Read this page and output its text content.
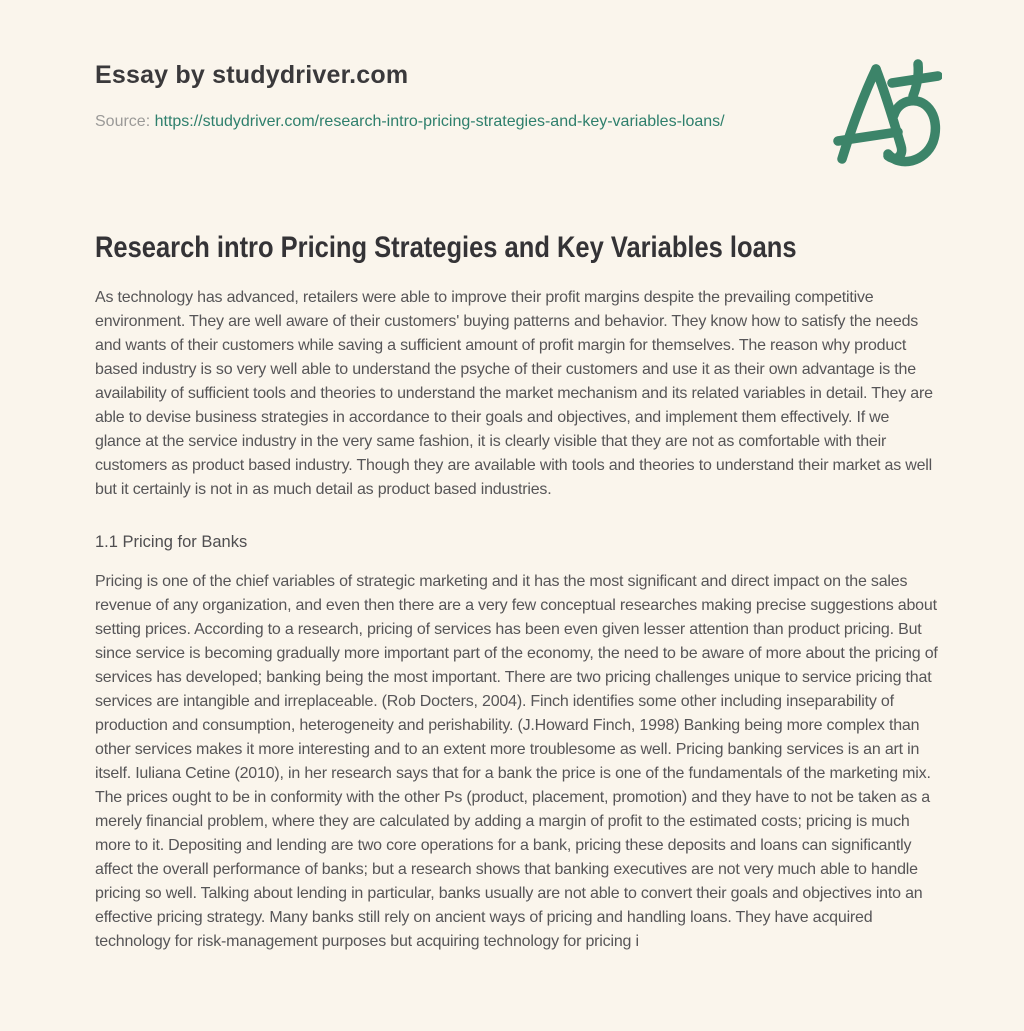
Essay by studydriver.com

Source: https://studydriver.com/research-intro-pricing-strategies-and-key-variables-loans/

Research intro Pricing Strategies and Key Variables loans

As technology has advanced, retailers were able to improve their profit margins despite the prevailing competitive environment. They are well aware of their customers' buying patterns and behavior. They know how to satisfy the needs and wants of their customers while saving a sufficient amount of profit margin for themselves. The reason why product based industry is so very well able to understand the psyche of their customers and use it as their own advantage is the availability of sufficient tools and theories to understand the market mechanism and its related variables in detail. They are able to devise business strategies in accordance to their goals and objectives, and implement them effectively. If we glance at the service industry in the very same fashion, it is clearly visible that they are not as comfortable with their customers as product based industry. Though they are available with tools and theories to understand their market as well but it certainly is not in as much detail as product based industries.

1.1 Pricing for Banks

Pricing is one of the chief variables of strategic marketing and it has the most significant and direct impact on the sales revenue of any organization, and even then there are a very few conceptual researches making precise suggestions about setting prices. According to a research, pricing of services has been even given lesser attention than product pricing. But since service is becoming gradually more important part of the economy, the need to be aware of more about the pricing of services has developed; banking being the most important. There are two pricing challenges unique to service pricing that services are intangible and irreplaceable. (Rob Docters, 2004). Finch identifies some other including inseparability of production and consumption, heterogeneity and perishability. (J.Howard Finch, 1998) Banking being more complex than other services makes it more interesting and to an extent more troublesome as well. Pricing banking services is an art in itself. Iuliana Cetine (2010), in her research says that for a bank the price is one of the fundamentals of the marketing mix. The prices ought to be in conformity with the other Ps (product, placement, promotion) and they have to not be taken as a merely financial problem, where they are calculated by adding a margin of profit to the estimated costs; pricing is much more to it. Depositing and lending are two core operations for a bank, pricing these deposits and loans can significantly affect the overall performance of banks; but a research shows that banking executives are not very much able to handle pricing so well. Talking about lending in particular, banks usually are not able to convert their goals and objectives into an effective pricing strategy. Many banks still rely on ancient ways of pricing and handling loans. They have acquired technology for risk-management purposes but acquiring technology for pricing i
